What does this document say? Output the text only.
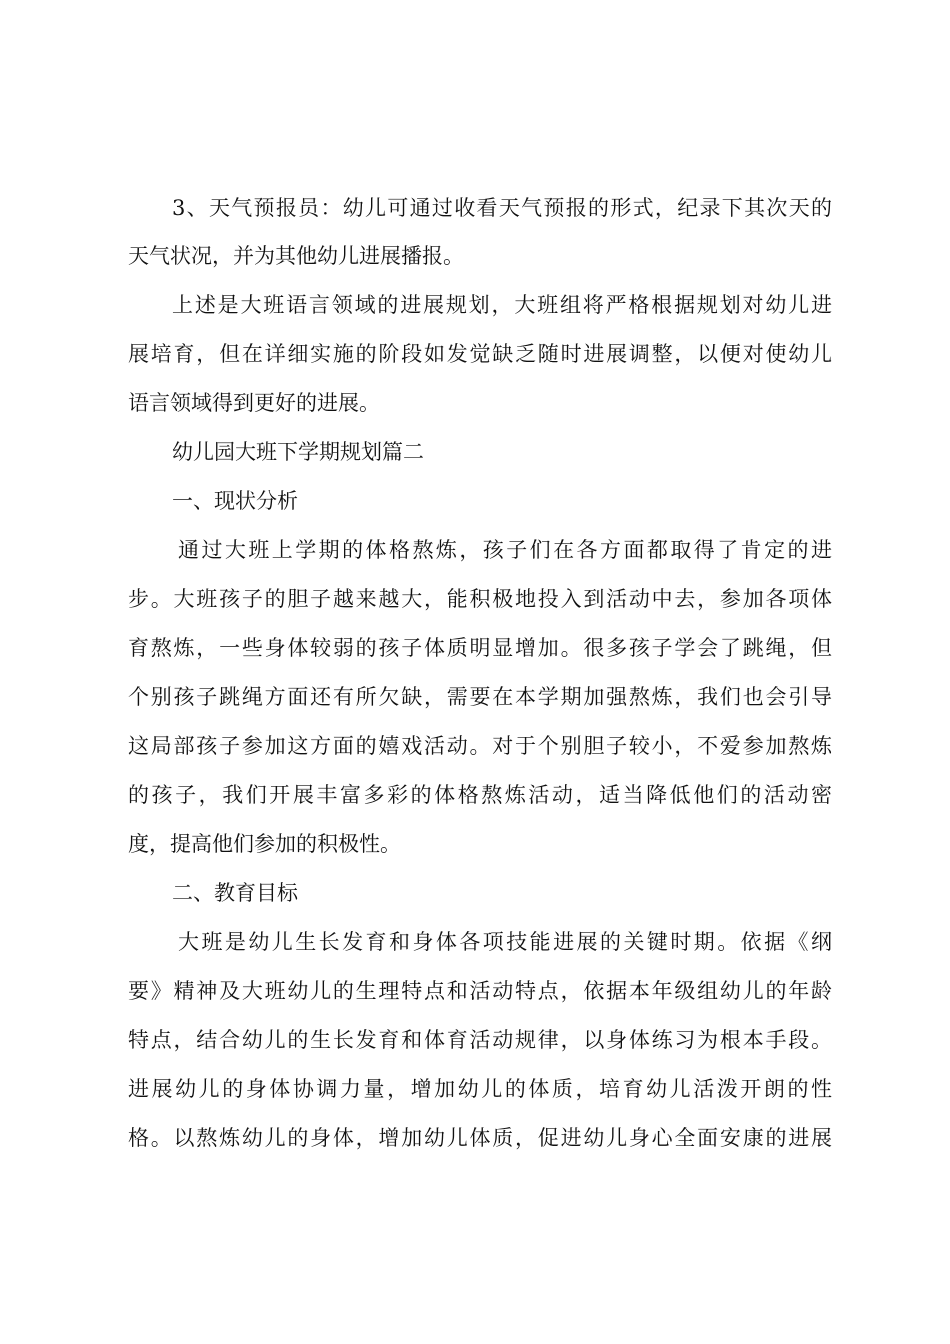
3、天气预报员：幼儿可通过收看天气预报的形式，纪录下其次天的
天气状况，并为其他幼儿进展播报。
上述是大班语言领域的进展规划，大班组将严格根据规划对幼儿进
展培育，但在详细实施的阶段如发觉缺乏随时进展调整，以便对使幼儿
语言领域得到更好的进展。
幼儿园大班下学期规划篇二
一、现状分析
通过大班上学期的体格熬炼，孩子们在各方面都取得了肯定的进
步。大班孩子的胆子越来越大，能积极地投入到活动中去，参加各项体
育熬炼，一些身体较弱的孩子体质明显增加。很多孩子学会了跳绳，但
个别孩子跳绳方面还有所欠缺，需要在本学期加强熬炼，我们也会引导
这局部孩子参加这方面的嬉戏活动。对于个别胆子较小，不爱参加熬炼
的孩子，我们开展丰富多彩的体格熬炼活动，适当降低他们的活动密
度，提高他们参加的积极性。
二、教育目标
大班是幼儿生长发育和身体各项技能进展的关键时期。依据《纲
要》精神及大班幼儿的生理特点和活动特点，依据本年级组幼儿的年龄
特点，结合幼儿的生长发育和体育活动规律，以身体练习为根本手段。
进展幼儿的身体协调力量，增加幼儿的体质，培育幼儿活泼开朗的性
格。以熬炼幼儿的身体，增加幼儿体质，促进幼儿身心全面安康的进展
